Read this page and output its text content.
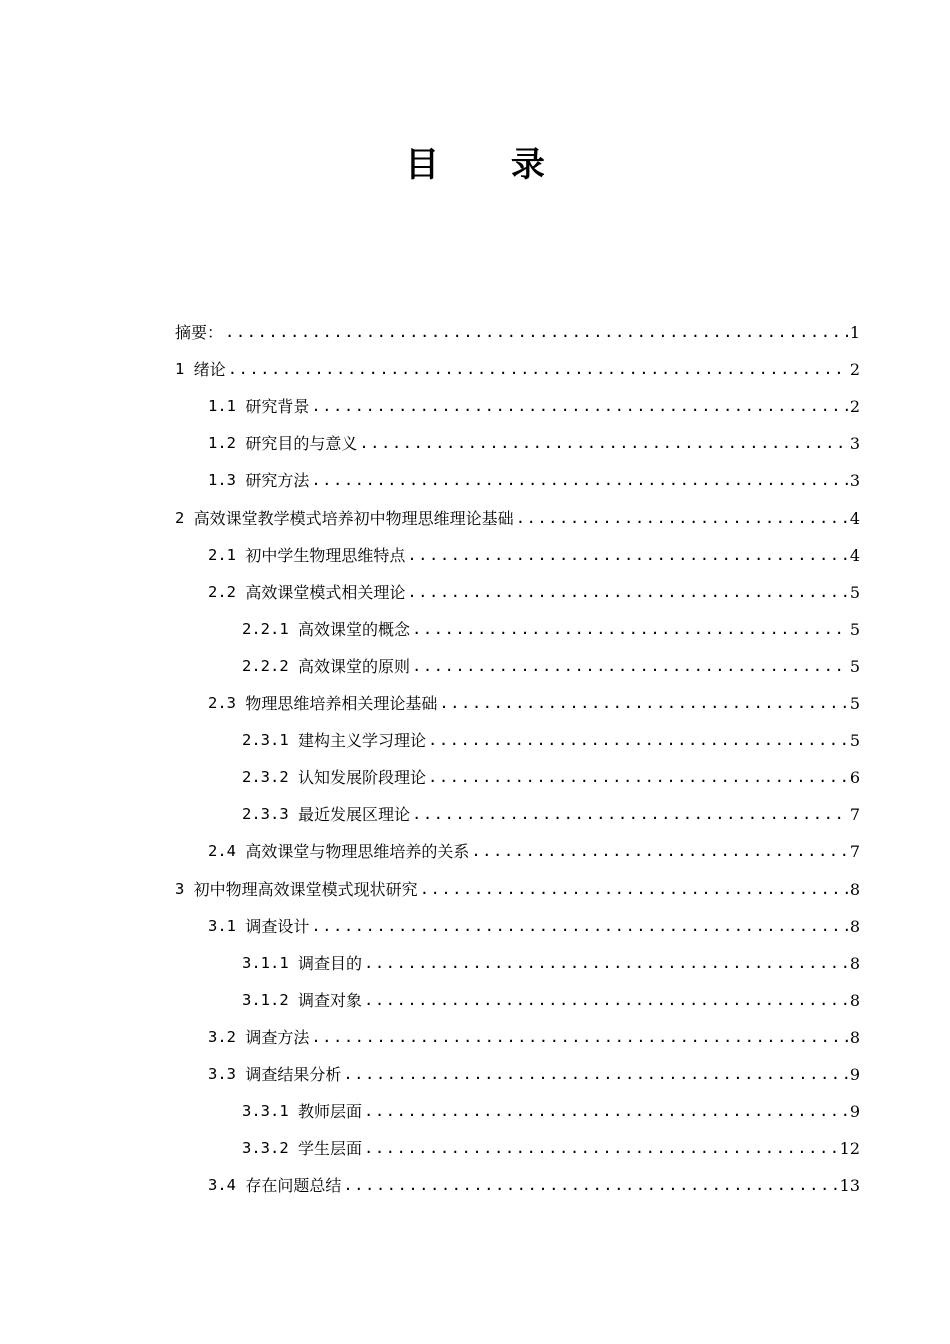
目 录
摘要： .....	1
1 绪论 .....	2
1.1 研究背景 .....	2
1.2 研究目的与意义 .....	3
1.3 研究方法 .....	3
2 高效课堂教学模式培养初中物理思维理论基础 .....	4
2.1 初中学生物理思维特点 .....	4
2.2 高效课堂模式相关理论 .....	5
2.2.1 高效课堂的概念 .....	5
2.2.2 高效课堂的原则 .....	5
2.3 物理思维培养相关理论基础 .....	5
2.3.1 建构主义学习理论 .....	5
2.3.2 认知发展阶段理论 .....	6
2.3.3 最近发展区理论 .....	7
2.4 高效课堂与物理思维培养的关系 .....	7
3 初中物理高效课堂模式现状研究 .....	8
3.1 调查设计 .....	8
3.1.1 调查目的 .....	8
3.1.2 调查对象 .....	8
3.2 调查方法 .....	8
3.3 调查结果分析 .....	9
3.3.1 教师层面 .....	9
3.3.2 学生层面 .....	12
3.4 存在问题总结 .....	13
